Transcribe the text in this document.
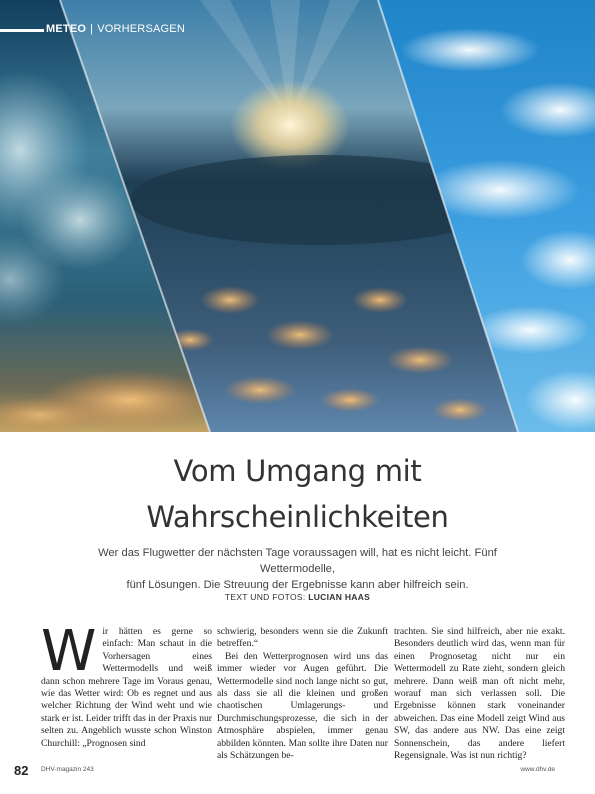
METEO | VORHERSAGEN
Vom Umgang mit
Wahrscheinlichkeiten
Wer das Flugwetter der nächsten Tage voraussagen will, hat es nicht leicht. Fünf Wettermodelle,
fünf Lösungen. Die Streuung der Ergebnisse kann aber hilfreich sein.
TEXT UND FOTOS: LUCIAN HAAS
W ir hätten es gerne so einfach: Man schaut in die Vorhersagen eines Wettermodells und weiß dann schon mehrere Tage im Voraus genau, wie das Wetter wird: Ob es regnet und aus welcher Richtung der Wind weht und wie stark er ist. Leider trifft das in der Praxis nur selten zu. Angeblich wusste schon Winston Churchill: „Prognosen sind

schwierig, besonders wenn sie die Zukunft betreffen.“

Bei den Wetterprognosen wird uns das immer wieder vor Augen geführt. Die Wettermodelle sind noch lange nicht so gut, als dass sie all die kleinen und großen chaotischen Umlagerungs- und Durchmischungsprozesse, die sich in der Atmosphäre abspielen, immer genau abbilden könnten. Man sollte ihre Daten nur als Schätzungen be-

trachten. Sie sind hilfreich, aber nie exakt. Besonders deutlich wird das, wenn man für einen Prognosetag nicht nur ein Wettermodell zu Rate zieht, sondern gleich mehrere. Dann weiß man oft nicht mehr, worauf man sich verlassen soll. Die Ergebnisse können stark voneinander abweichen. Das eine Modell zeigt Wind aus SW, das andere aus NW. Das eine zeigt Sonnenschein, das andere liefert Regensignale. Was ist nun richtig?

82 DHV-magazin 243	www.dhv.de
